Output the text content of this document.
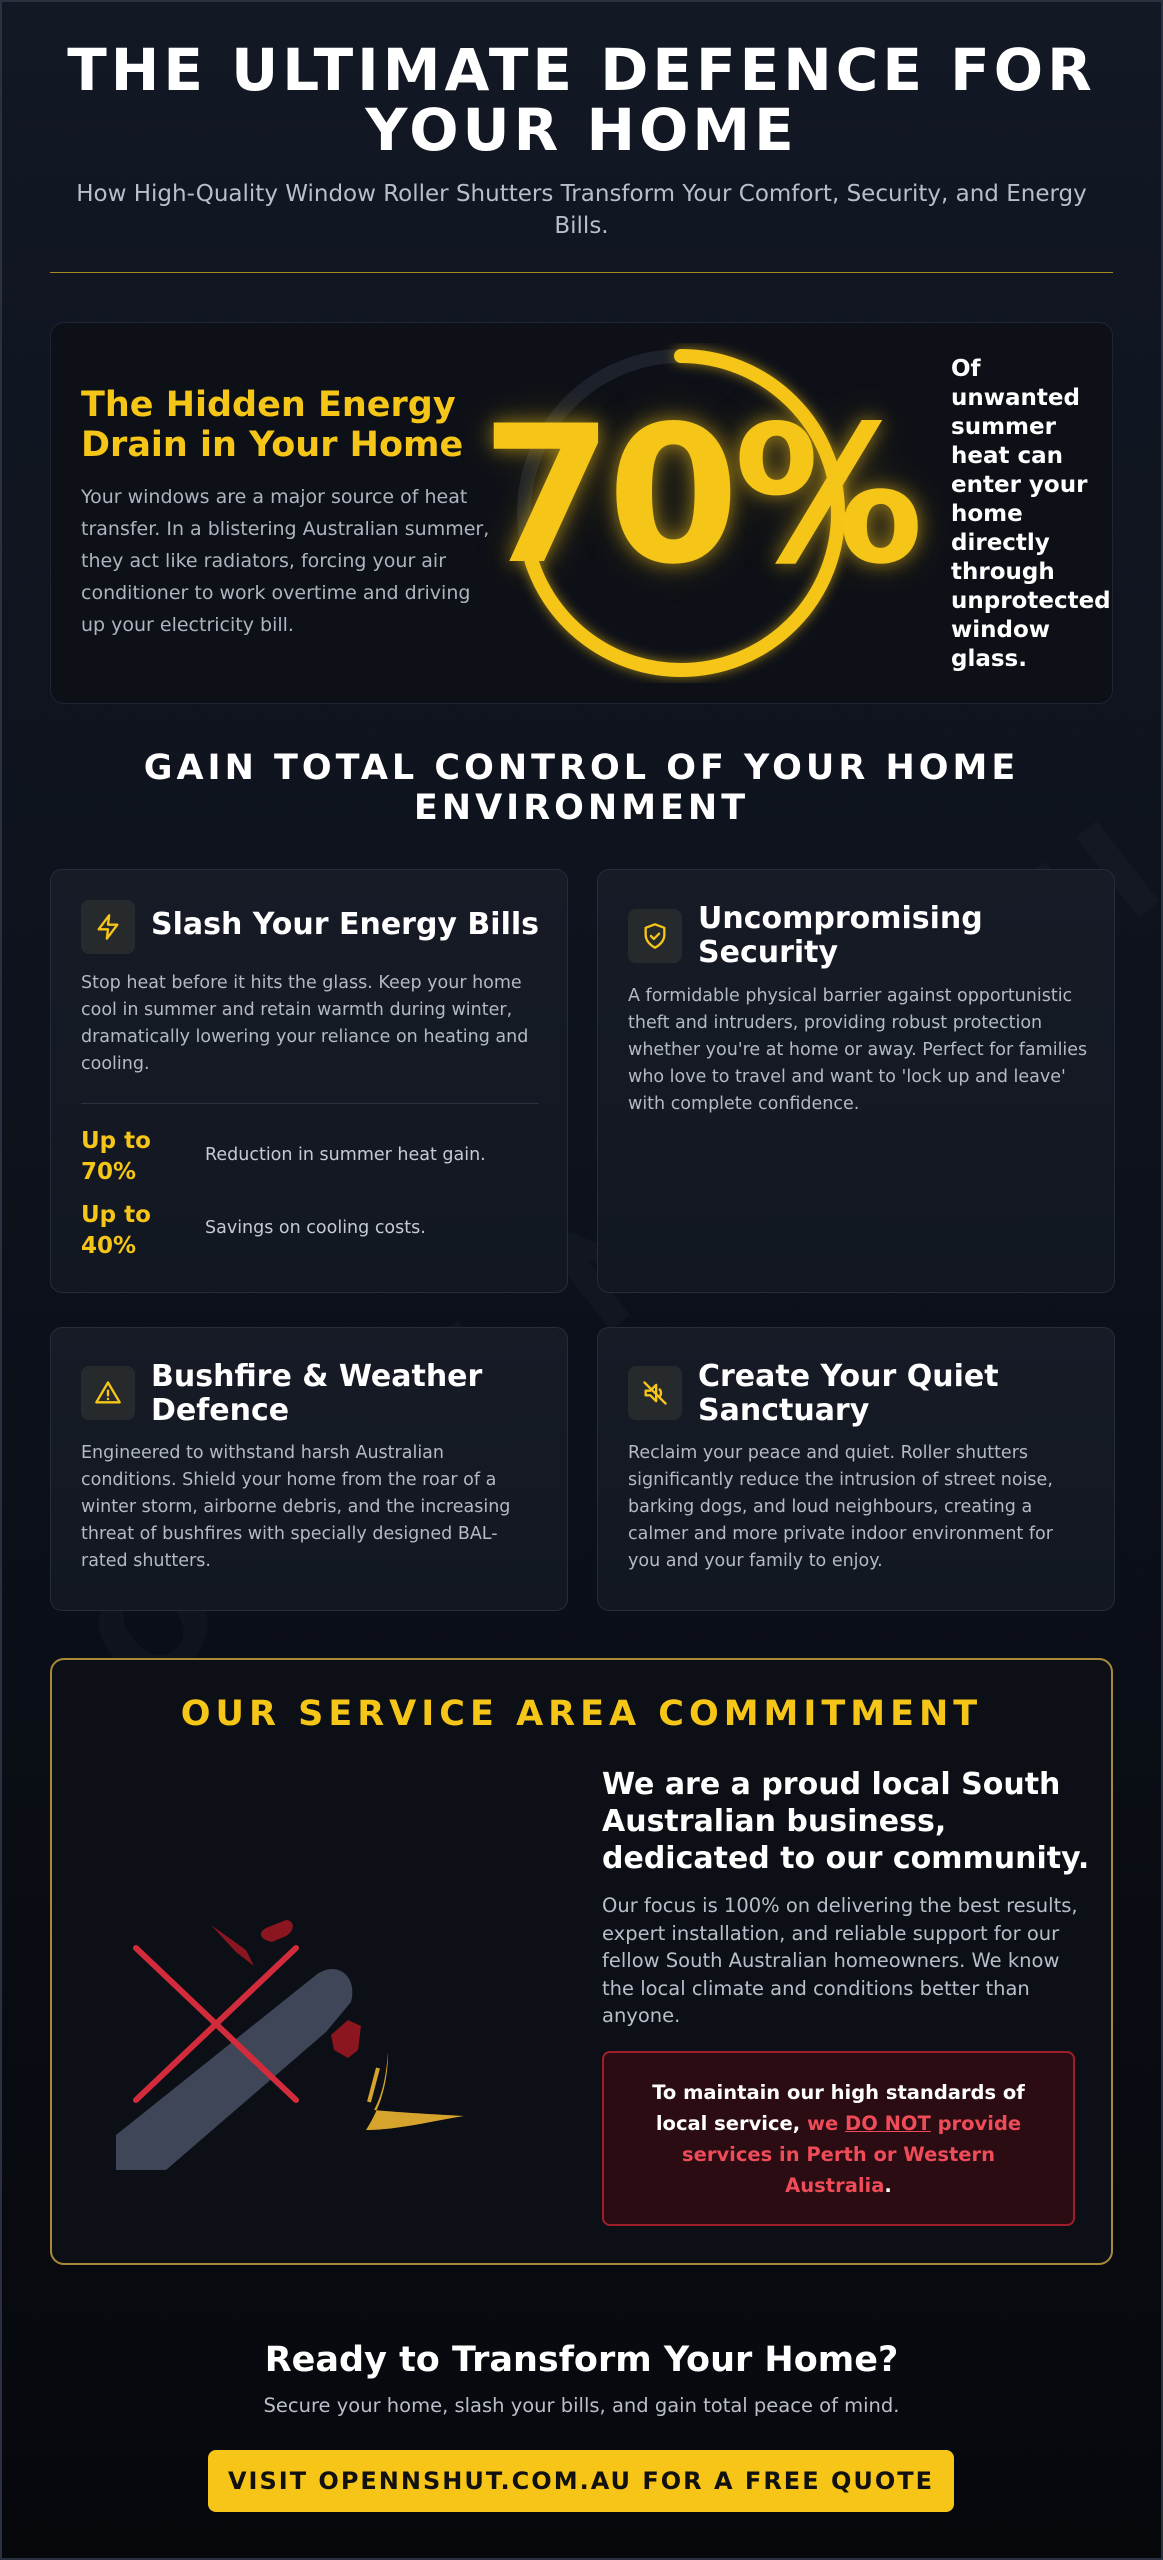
THE ULTIMATE DEFENCE FOR
YOUR HOME

How High-Quality Window Roller Shutters Transform Your Comfort, Security, and Energy Bills.

The Hidden Energy Drain in Your Home

Your windows are a major source of heat transfer. In a blistering Australian summer, they act like radiators, forcing your air conditioner to work overtime and driving up your electricity bill.

70%
Of unwanted summer heat can enter your home directly through unprotected window glass.
GAIN TOTAL CONTROL OF YOUR HOME
ENVIRONMENT
Slash Your Energy Bills
Stop heat before it hits the glass. Keep your home cool in summer and retain warmth during winter, dramatically lowering your reliance on heating and cooling.
Up to 70%
Reduction in summer heat gain.
Up to 40%
Savings on cooling costs.
Uncompromising Security
A formidable physical barrier against opportunistic theft and intruders, providing robust protection whether you're at home or away. Perfect for families who love to travel and want to 'lock up and leave' with complete confidence.
Bushfire & Weather Defence
Engineered to withstand harsh Australian conditions. Shield your home from the roar of a winter storm, airborne debris, and the increasing threat of bushfires with specially designed BAL-rated shutters.
Create Your Quiet Sanctuary
Reclaim your peace and quiet. Roller shutters significantly reduce the intrusion of street noise, barking dogs, and loud neighbours, creating a calmer and more private indoor environment for you and your family to enjoy.
OUR SERVICE AREA COMMITMENT
We are a proud local South Australian business, dedicated to our community.

Our focus is 100% on delivering the best results, expert installation, and reliable support for our fellow South Australian homeowners. We know the local climate and conditions better than anyone.

To maintain our high standards of local service, we DO NOT provide services in Perth or Western Australia.
Ready to Transform Your Home?
Secure your home, slash your bills, and gain total peace of mind.
VISIT OPENNSHUT.COM.AU FOR A FREE QUOTE
